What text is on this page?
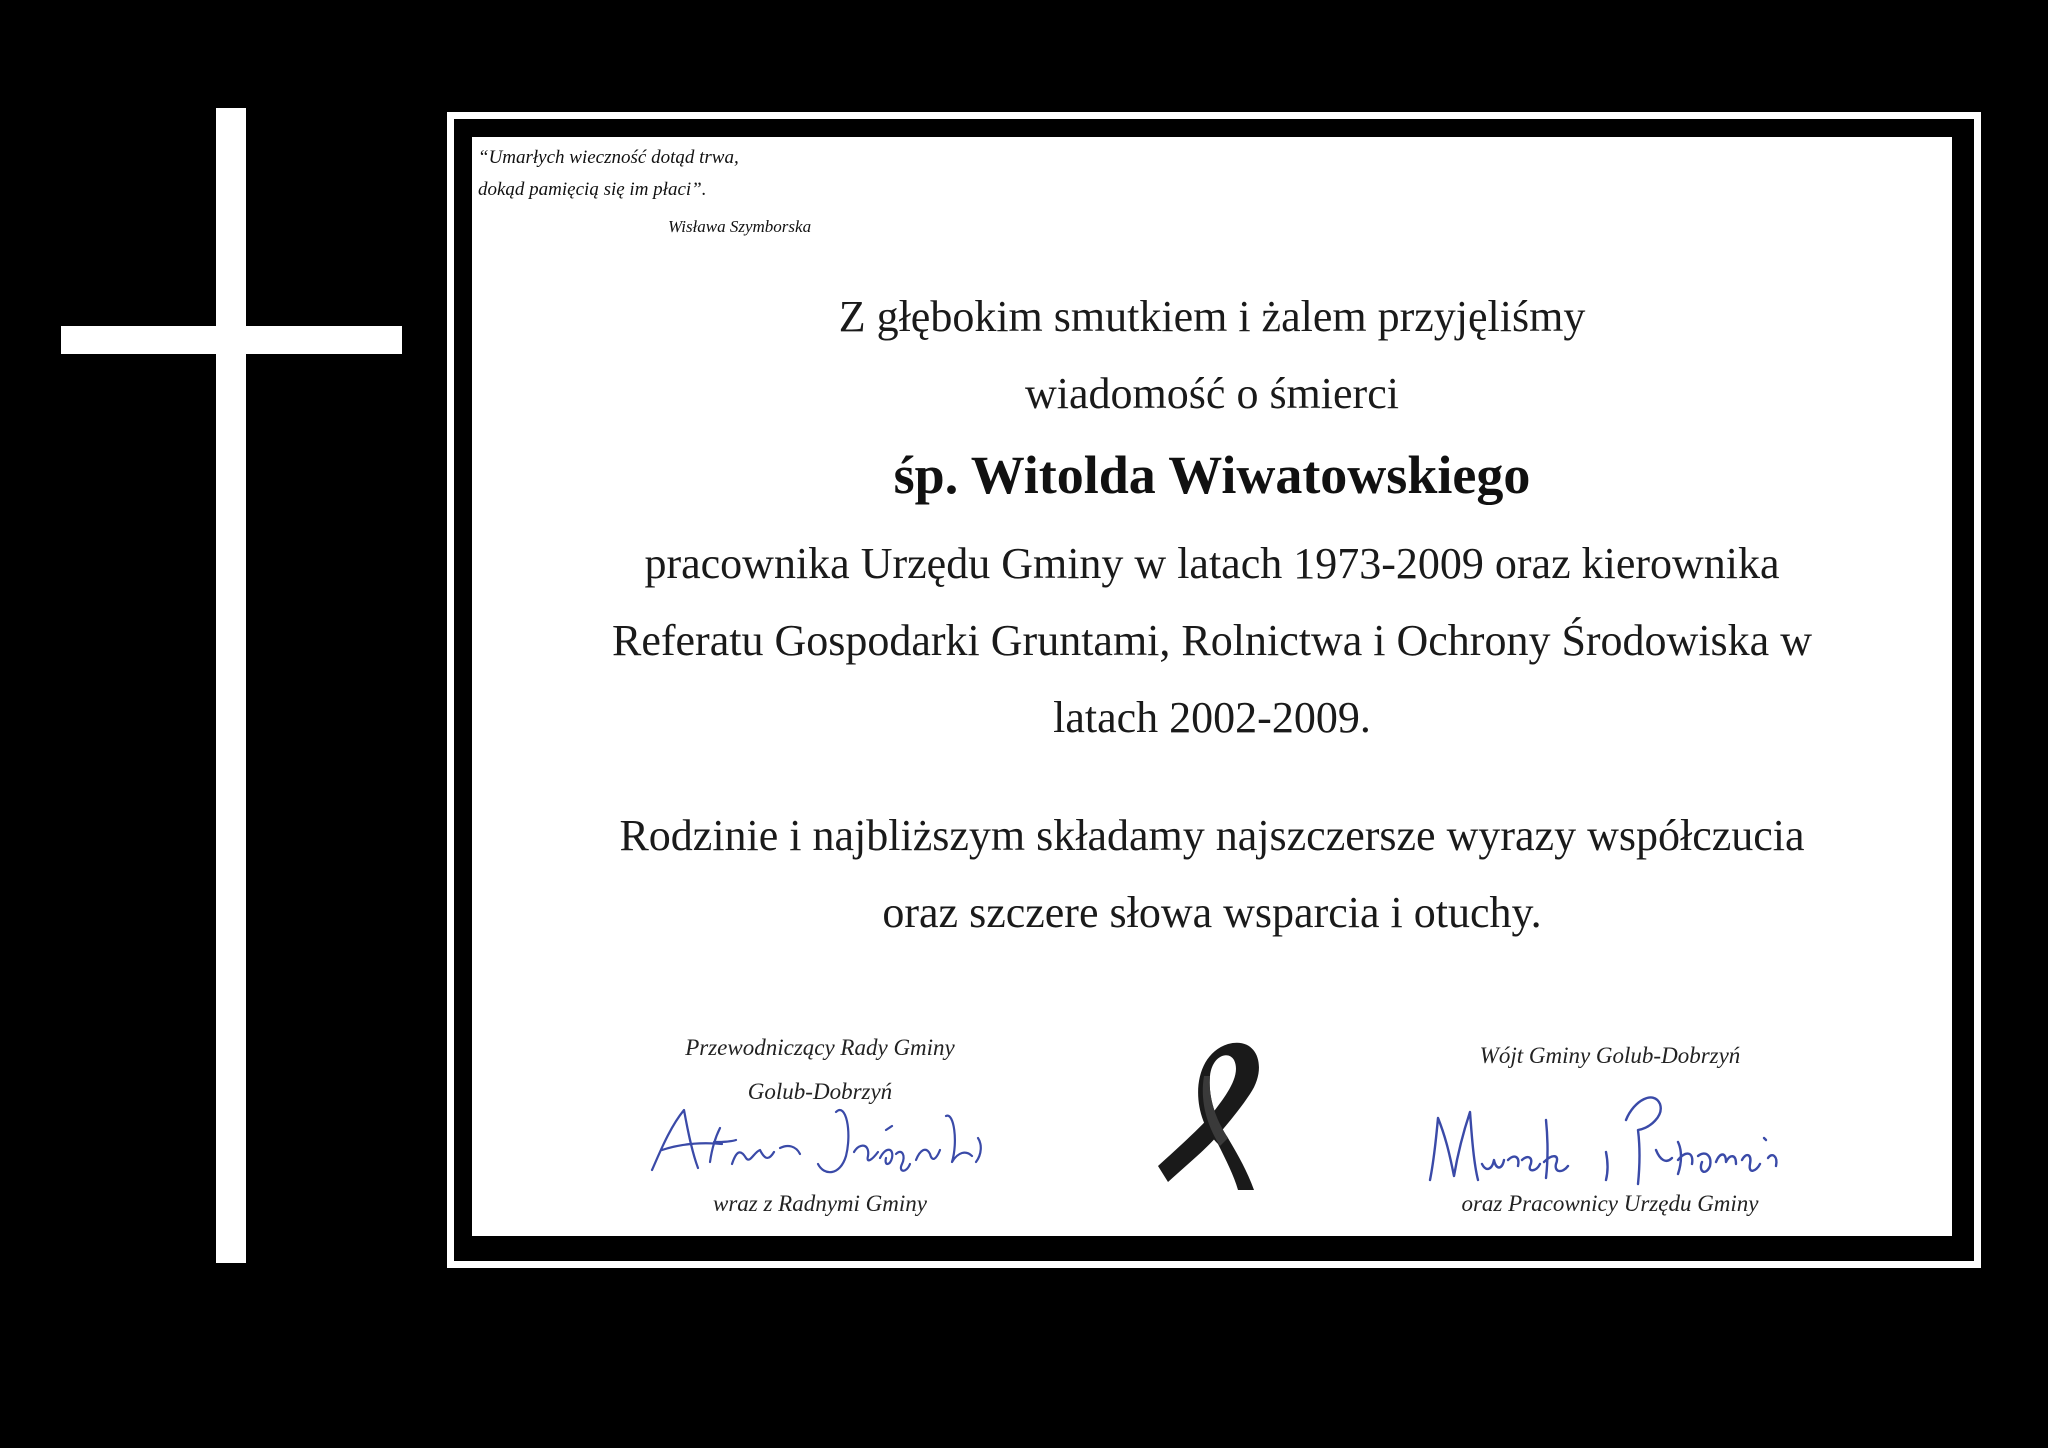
“Umarłych wieczność dotąd trwa,
dokąd pamięcią się im płaci”.
Wisława Szymborska
Z głębokim smutkiem i żalem przyjęliśmy
wiadomość o śmierci
śp. Witolda Wiwatowskiego
pracownika Urzędu Gminy w latach 1973-2009 oraz kierownika
Referatu Gospodarki Gruntami, Rolnictwa i Ochrony Środowiska w
latach 2002-2009.
Rodzinie i najbliższym składamy najszczersze wyrazy współczucia
oraz szczere słowa wsparcia i otuchy.
Przewodniczący Rady Gminy
Golub-Dobrzyń
Artur Jaszyński
wraz z Radnymi Gminy
Wójt Gminy Golub-Dobrzyń
Marek Rychowicz
oraz Pracownicy Urzędu Gminy
